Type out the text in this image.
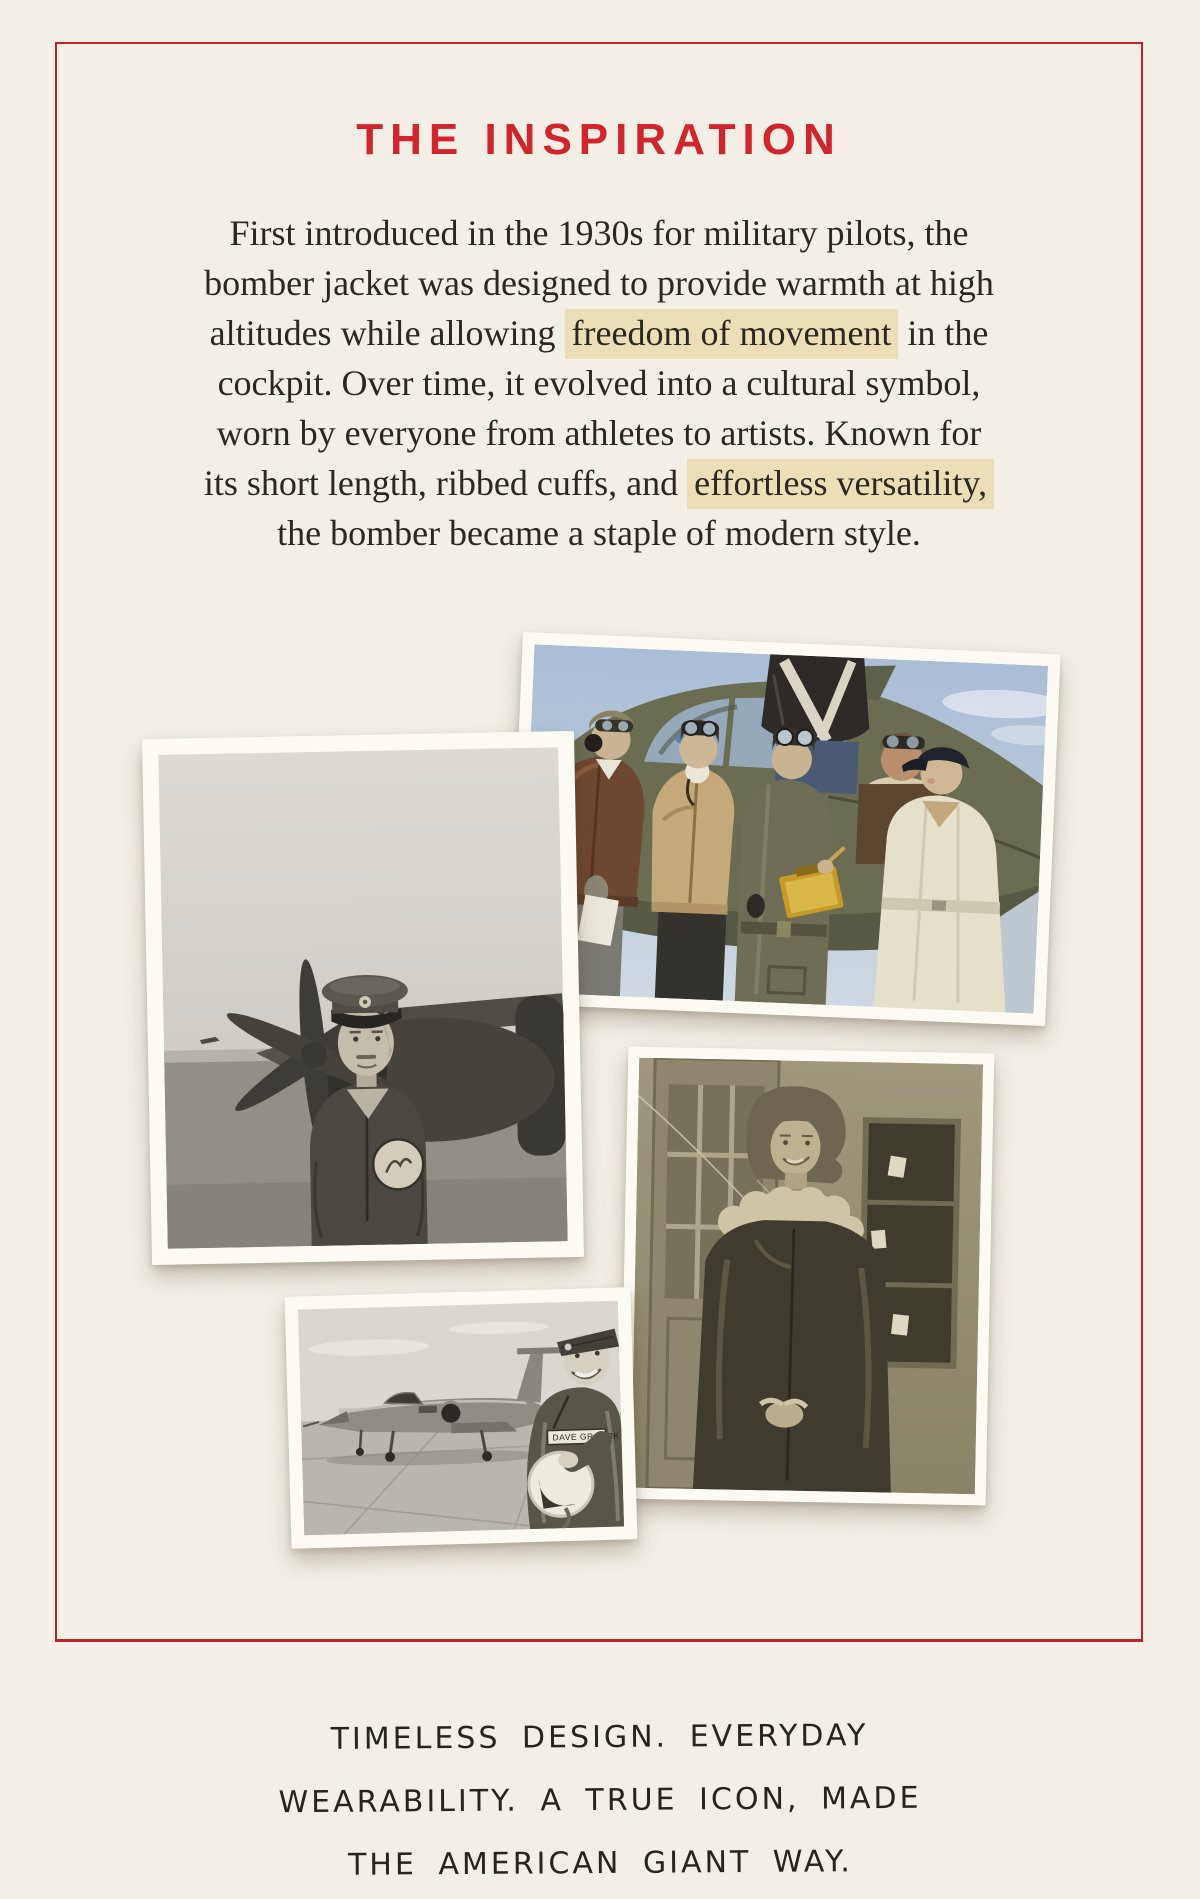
THE INSPIRATION
First introduced in the 1930s for military pilots, the
bomber jacket was designed to provide warmth at high
altitudes while allowing freedom of movement in the
cockpit. Over time, it evolved into a cultural symbol,
worn by everyone from athletes to artists. Known for
its short length, ribbed cuffs, and effortless versatility,
the bomber became a staple of modern style.
DAVE GROARK
TIMELESS DESIGN. EVERYDAY
WEARABILITY. A TRUE ICON, MADE
THE AMERICAN GIANT WAY.
